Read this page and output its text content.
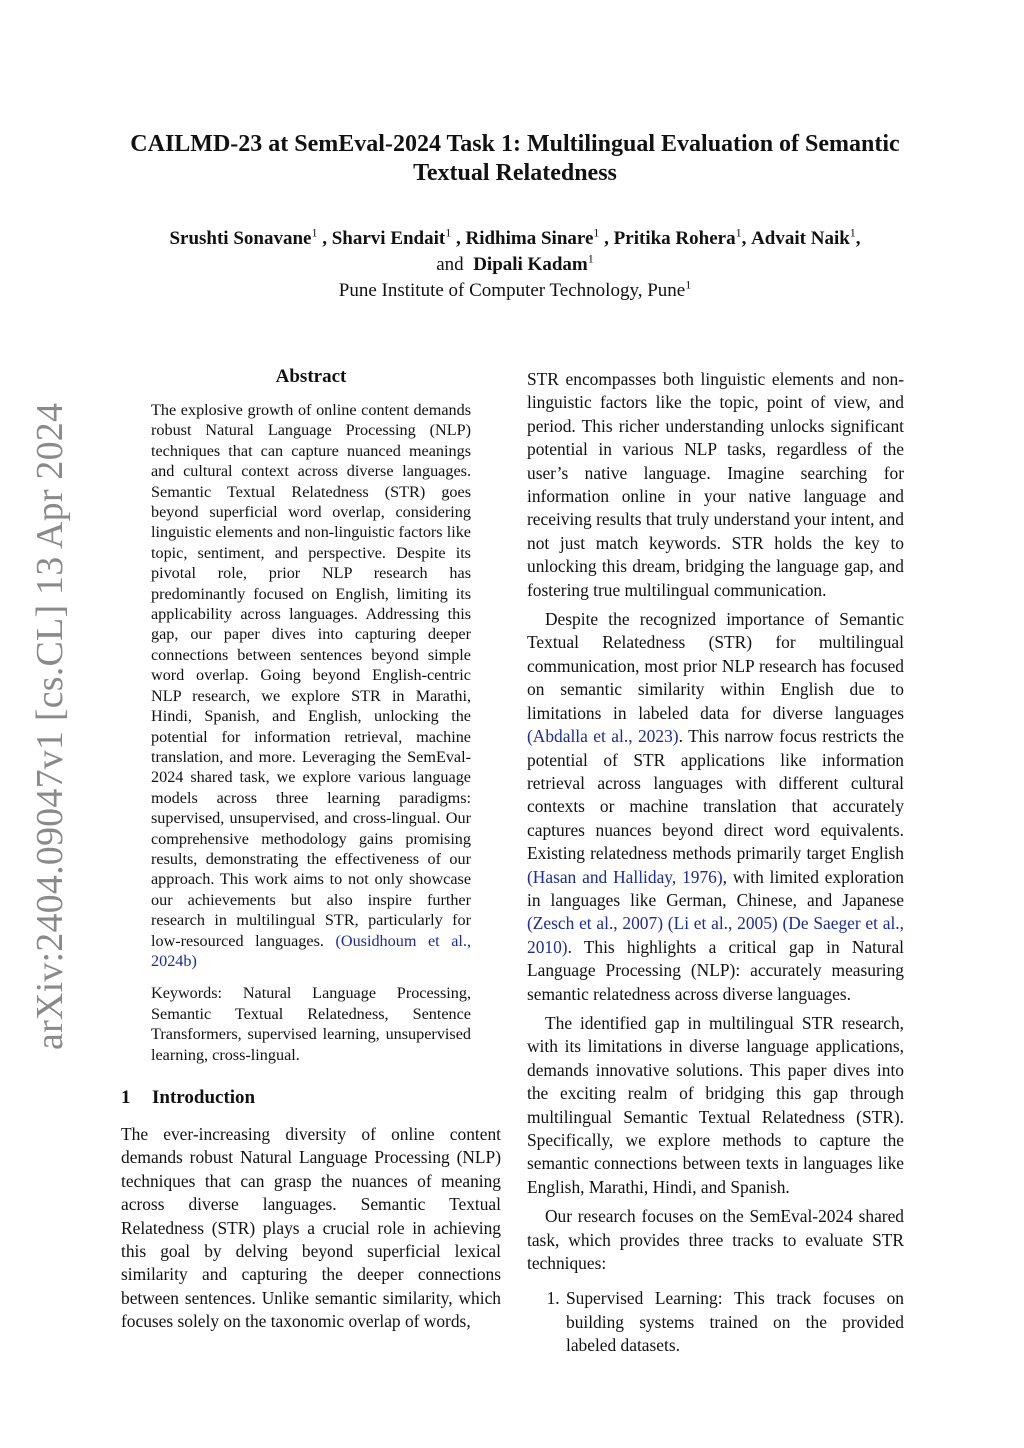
arXiv:2404.09047v1 [cs.CL] 13 Apr 2024
CAILMD-23 at SemEval-2024 Task 1: Multilingual Evaluation of Semantic Textual Relatedness
Srushti Sonavane$^1$ , Sharvi Endait$^1$ , Ridhima Sinare$^1$ , Pritika Rohera$^1$, Advait Naik$^1$,
and Dipali Kadam$^1$
Pune Institute of Computer Technology, Pune$^1$
Abstract
The explosive growth of online content demands robust Natural Language Processing (NLP) techniques that can capture nuanced meanings and cultural context across diverse languages. Semantic Textual Relatedness (STR) goes beyond superficial word overlap, considering linguistic elements and non-linguistic factors like topic, sentiment, and perspective. Despite its pivotal role, prior NLP research has predominantly focused on English, limiting its applicability across languages. Addressing this gap, our paper dives into capturing deeper connections between sentences beyond simple word overlap. Going beyond English-centric NLP research, we explore STR in Marathi, Hindi, Spanish, and English, unlocking the potential for information retrieval, machine translation, and more. Leveraging the SemEval-2024 shared task, we explore various language models across three learning paradigms: supervised, unsupervised, and cross-lingual. Our comprehensive methodology gains promising results, demonstrating the effectiveness of our approach. This work aims to not only showcase our achievements but also inspire further research in multilingual STR, particularly for low-resourced languages. (Ousidhoum et al., 2024b)
Keywords: Natural Language Processing, Semantic Textual Relatedness, Sentence Transformers, supervised learning, unsupervised learning, cross-lingual.
1 Introduction

The ever-increasing diversity of online content demands robust Natural Language Processing (NLP) techniques that can grasp the nuances of meaning across diverse languages. Semantic Textual Relatedness (STR) plays a crucial role in achieving this goal by delving beyond superficial lexical similarity and capturing the deeper connections between sentences. Unlike semantic similarity, which focuses solely on the taxonomic overlap of words,

STR encompasses both linguistic elements and non-linguistic factors like the topic, point of view, and period. This richer understanding unlocks significant potential in various NLP tasks, regardless of the user’s native language. Imagine searching for information online in your native language and receiving results that truly understand your intent, and not just match keywords. STR holds the key to unlocking this dream, bridging the language gap, and fostering true multilingual communication.

Despite the recognized importance of Semantic Textual Relatedness (STR) for multilingual communication, most prior NLP research has focused on semantic similarity within English due to limitations in labeled data for diverse languages (Abdalla et al., 2023). This narrow focus restricts the potential of STR applications like information retrieval across languages with different cultural contexts or machine translation that accurately captures nuances beyond direct word equivalents. Existing relatedness methods primarily target English (Hasan and Halliday, 1976), with limited exploration in languages like German, Chinese, and Japanese (Zesch et al., 2007) (Li et al., 2005) (De Saeger et al., 2010). This highlights a critical gap in Natural Language Processing (NLP): accurately measuring semantic relatedness across diverse languages.

The identified gap in multilingual STR research, with its limitations in diverse language applications, demands innovative solutions. This paper dives into the exciting realm of bridging this gap through multilingual Semantic Textual Relatedness (STR). Specifically, we explore methods to capture the semantic connections between texts in languages like English, Marathi, Hindi, and Spanish.

Our research focuses on the SemEval-2024 shared task, which provides three tracks to evaluate STR techniques:

1. Supervised Learning: This track focuses on building systems trained on the provided labeled datasets.
